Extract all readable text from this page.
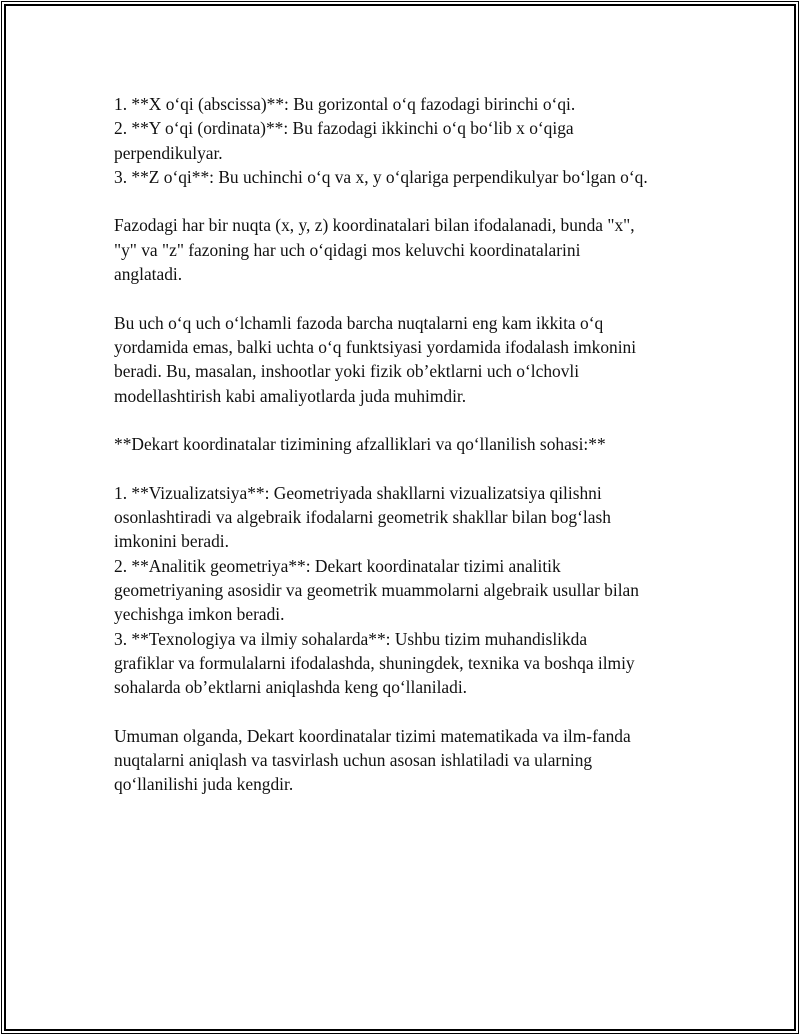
1. **X o‘qi (abscissa)**: Bu gorizontal o‘q fazodagi birinchi o‘qi.
2. **Y o‘qi (ordinata)**: Bu fazodagi ikkinchi o‘q bo‘lib x o‘qiga
perpendikulyar.
3. **Z o‘qi**: Bu uchinchi o‘q va x, y o‘qlariga perpendikulyar bo‘lgan o‘q.

Fazodagi har bir nuqta (x, y, z) koordinatalari bilan ifodalanadi, bunda "x",
"y" va "z" fazoning har uch o‘qidagi mos keluvchi koordinatalarini
anglatadi.

Bu uch o‘q uch o‘lchamli fazoda barcha nuqtalarni eng kam ikkita o‘q
yordamida emas, balki uchta o‘q funktsiyasi yordamida ifodalash imkonini
beradi. Bu, masalan, inshootlar yoki fizik ob’ektlarni uch o‘lchovli
modellashtirish kabi amaliyotlarda juda muhimdir.

**Dekart koordinatalar tizimining afzalliklari va qo‘llanilish sohasi:**

1. **Vizualizatsiya**: Geometriyada shakllarni vizualizatsiya qilishni
osonlashtiradi va algebraik ifodalarni geometrik shakllar bilan bog‘lash
imkonini beradi.
2. **Analitik geometriya**: Dekart koordinatalar tizimi analitik
geometriyaning asosidir va geometrik muammolarni algebraik usullar bilan
yechishga imkon beradi.
3. **Texnologiya va ilmiy sohalarda**: Ushbu tizim muhandislikda
grafiklar va formulalarni ifodalashda, shuningdek, texnika va boshqa ilmiy
sohalarda ob’ektlarni aniqlashda keng qo‘llaniladi.

Umuman olganda, Dekart koordinatalar tizimi matematikada va ilm-fanda
nuqtalarni aniqlash va tasvirlash uchun asosan ishlatiladi va ularning
qo‘llanilishi juda kengdir.
